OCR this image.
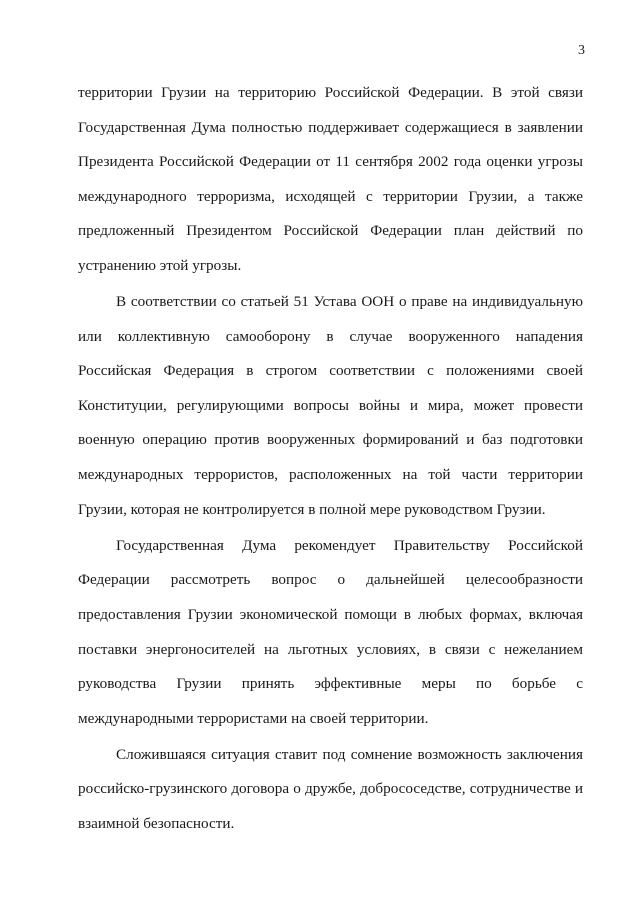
3

территории Грузии на территорию Российской Федерации. В этой связи Государственная Дума полностью поддерживает содержащиеся в заявлении Президента Российской Федерации от 11 сентября 2002 года оценки угрозы международного терроризма, исходящей с территории Грузии, а также предложенный Президентом Российской Федерации план действий по устранению этой угрозы.

В соответствии со статьей 51 Устава ООН о праве на индивидуальную или коллективную самооборону в случае вооруженного нападения Российская Федерация в строгом соответствии с положениями своей Конституции, регулирующими вопросы войны и мира, может провести военную операцию против вооруженных формирований и баз подготовки международных террористов, расположенных на той части территории Грузии, которая не контролируется в полной мере руководством Грузии.

Государственная Дума рекомендует Правительству Российской Федерации рассмотреть вопрос о дальнейшей целесообразности предоставления Грузии экономической помощи в любых формах, включая поставки энергоносителей на льготных условиях, в связи с нежеланием руководства Грузии принять эффективные меры по борьбе с международными террористами на своей территории.

Сложившаяся ситуация ставит под сомнение возможность заключения российско-грузинского договора о дружбе, добрососедстве, сотрудничестве и взаимной безопасности.
